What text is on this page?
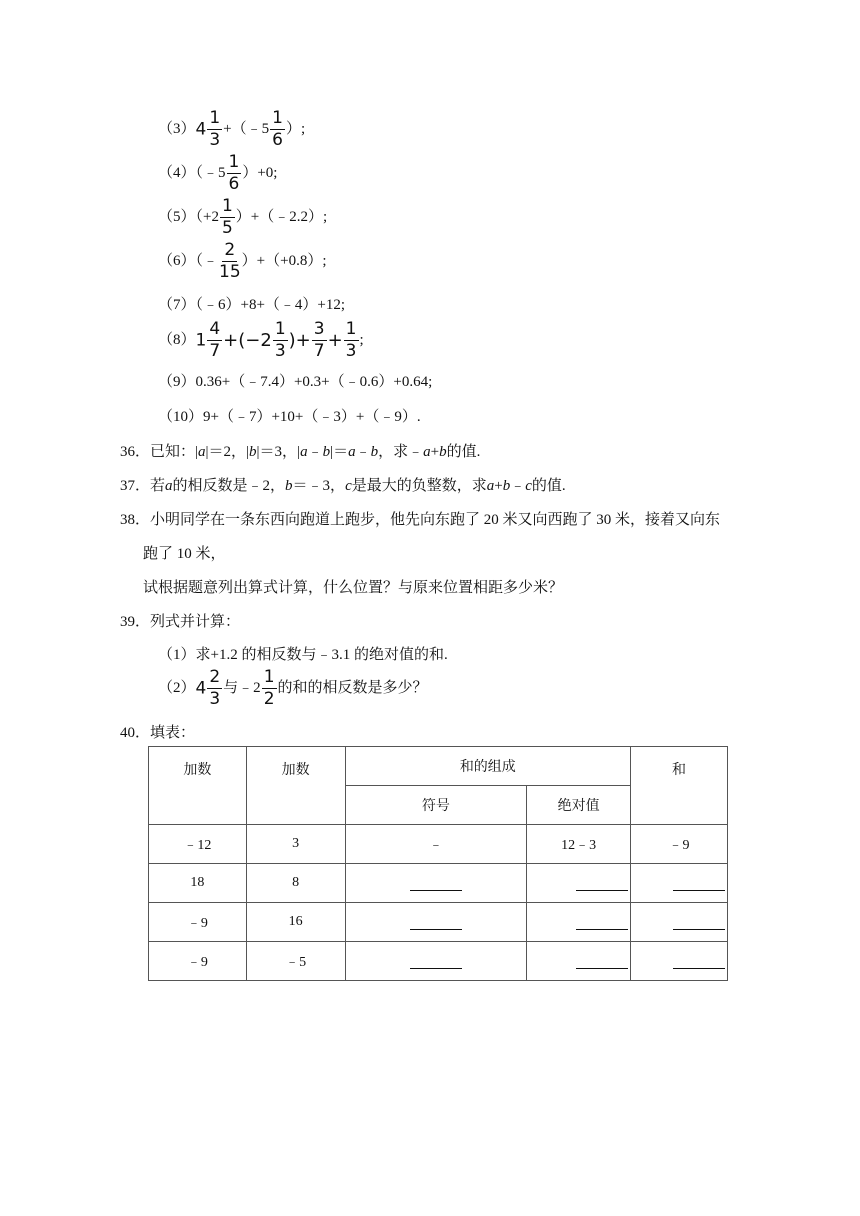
$(3)4 \frac{1}{3}$ +（﹣5 $\frac{1}{6}$ ）;
（4）（﹣5 $\frac{1}{6} )+0$;
$(5)(+2 \frac{1}{5}$ ）+（﹣2.2）;
（6）（﹣ $\frac{2}{15} )+(+0.8)$;
（7）（﹣6）+8+（﹣4）+12;
$(8)1 \frac{4}{7} +(-2 \frac{1}{3}$ )+ $\frac{3}{7} + \frac{1}{3}$ ;
（9）0.36+（﹣7.4）+0.3+（﹣0.6）+0.64;
（10）9+（﹣7）+10+（﹣3）+（﹣9）.
36．已知：|a|＝2，|b|＝3，|a﹣b|＝a﹣b，求﹣a+b的值.
37．若a的相反数是﹣2，b＝﹣3，c是最大的负整数，求a+b﹣c的值.
38．小明同学在一条东西向跑道上跑步，他先向东跑了 20 米又向西跑了 30 米，接着又向东
跑了 10 米，
试根据题意列出算式计算，什么位置？与原来位置相距多少米？
39．列式并计算：
（1）求+1.2 的相反数与﹣3.1 的绝对值的和.
$(2)4 \frac{2}{3}$ 与﹣2 $\frac{1}{2}$ 的和的相反数是多少？
40．填表：
加数	加数	和的组成		和
		符号	绝对值	
﹣12	3	﹣	12﹣3	﹣9
18	8			
﹣9	16			
﹣9	﹣5			
